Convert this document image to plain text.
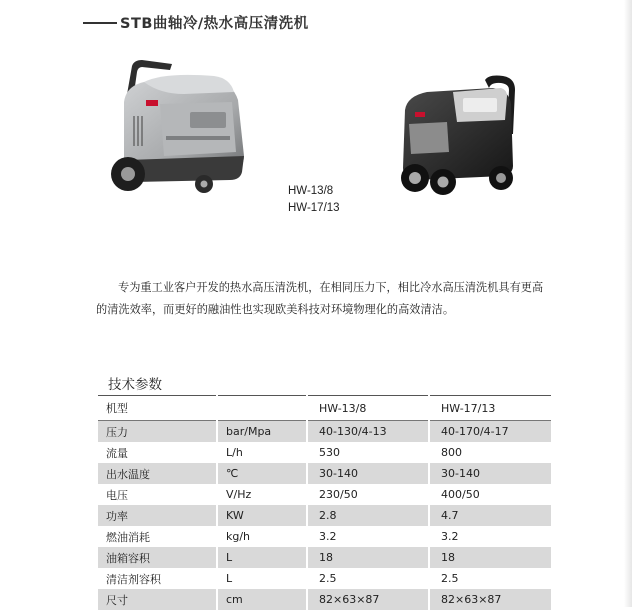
STB曲轴冷/热水高压清洗机
HW-13/8
HW-17/13
专为重工业客户开发的热水高压清洗机，在相同压力下，相比冷水高压清洗机具有更高
的清洗效率，而更好的融油性也实现欧美科技对环境物理化的高效清洁。
技术参数
机型		HW-13/8	HW-17/13
压力	bar/Mpa	40-130/4-13	40-170/4-17
流量	L/h	530	800
出水温度	℃	30-140	30-140
电压	V/Hz	230/50	400/50
功率	KW	2.8	4.7
燃油消耗	kg/h	3.2	3.2
油箱容积	L	18	18
清洁剂容积	L	2.5	2.5
尺寸	cm	82×63×87	82×63×87
